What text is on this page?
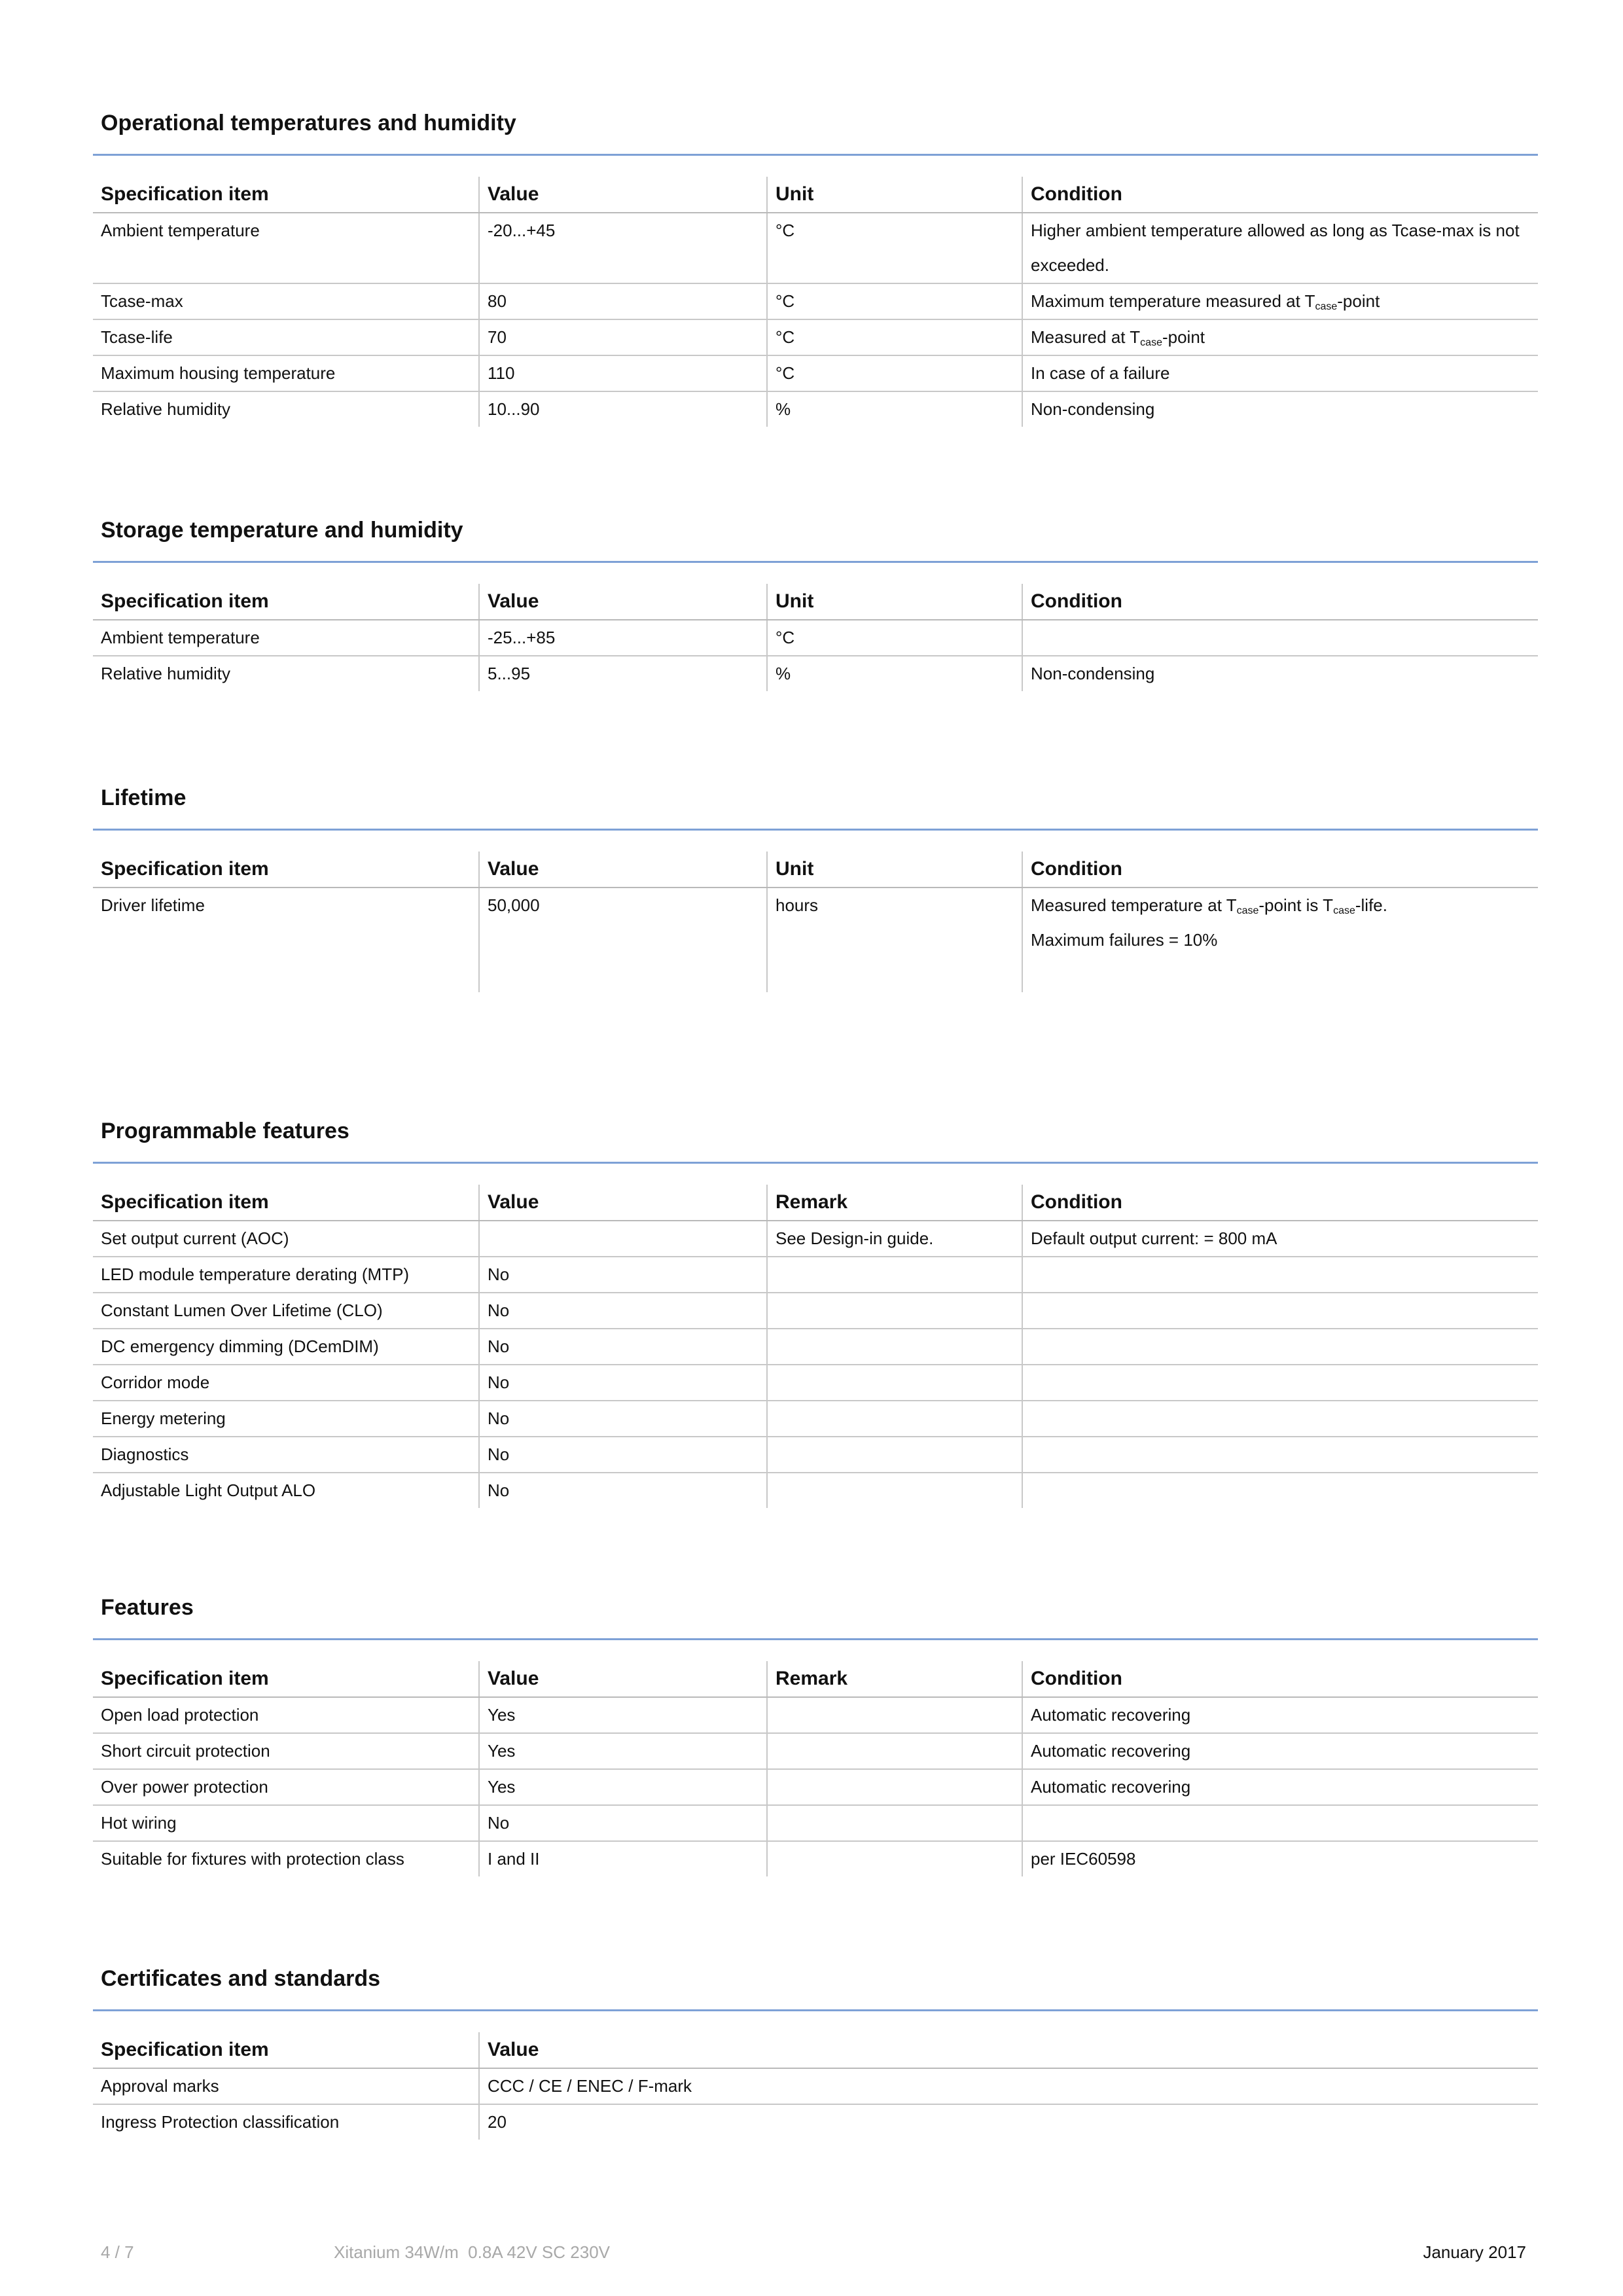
Operational temperatures and humidity
Specification item	Value	Unit	Condition
Ambient temperature	-20...+45	°C	Higher ambient temperature allowed as long as Tcase-max is not exceeded.
Tcase-max	80	°C	Maximum temperature measured at $T_{case}$-point
Tcase-life	70	°C	Measured at $T_{case}$-point
Maximum housing temperature	110	°C	In case of a failure
Relative humidity	10...90	%	Non-condensing
Storage temperature and humidity
Specification item	Value	Unit	Condition
Ambient temperature	-25...+85	°C	
Relative humidity	5...95	%	Non-condensing
Lifetime
Specification item	Value	Unit	Condition
Driver lifetime	50,000	hours	Measured temperature at $T_{case}$-point is $T_{case}$-life.
Maximum failures = 10%
Programmable features
Specification item	Value	Remark	Condition
Set output current (AOC)		See Design-in guide.	Default output current: = 800 mA
LED module temperature derating (MTP)	No		
Constant Lumen Over Lifetime (CLO)	No		
DC emergency dimming (DCemDIM)	No		
Corridor mode	No		
Energy metering	No		
Diagnostics	No		
Adjustable Light Output ALO	No		
Features
Specification item	Value	Remark	Condition
Open load protection	Yes		Automatic recovering
Short circuit protection	Yes		Automatic recovering
Over power protection	Yes		Automatic recovering
Hot wiring	No		
Suitable for fixtures with protection class	I and II		per IEC60598
Certificates and standards
Specification item	Value
Approval marks	CCC / CE / ENEC / F-mark
Ingress Protection classification	20
4 / 7	Xitanium 34W/m  0.8A 42V SC 230V	January 2017
